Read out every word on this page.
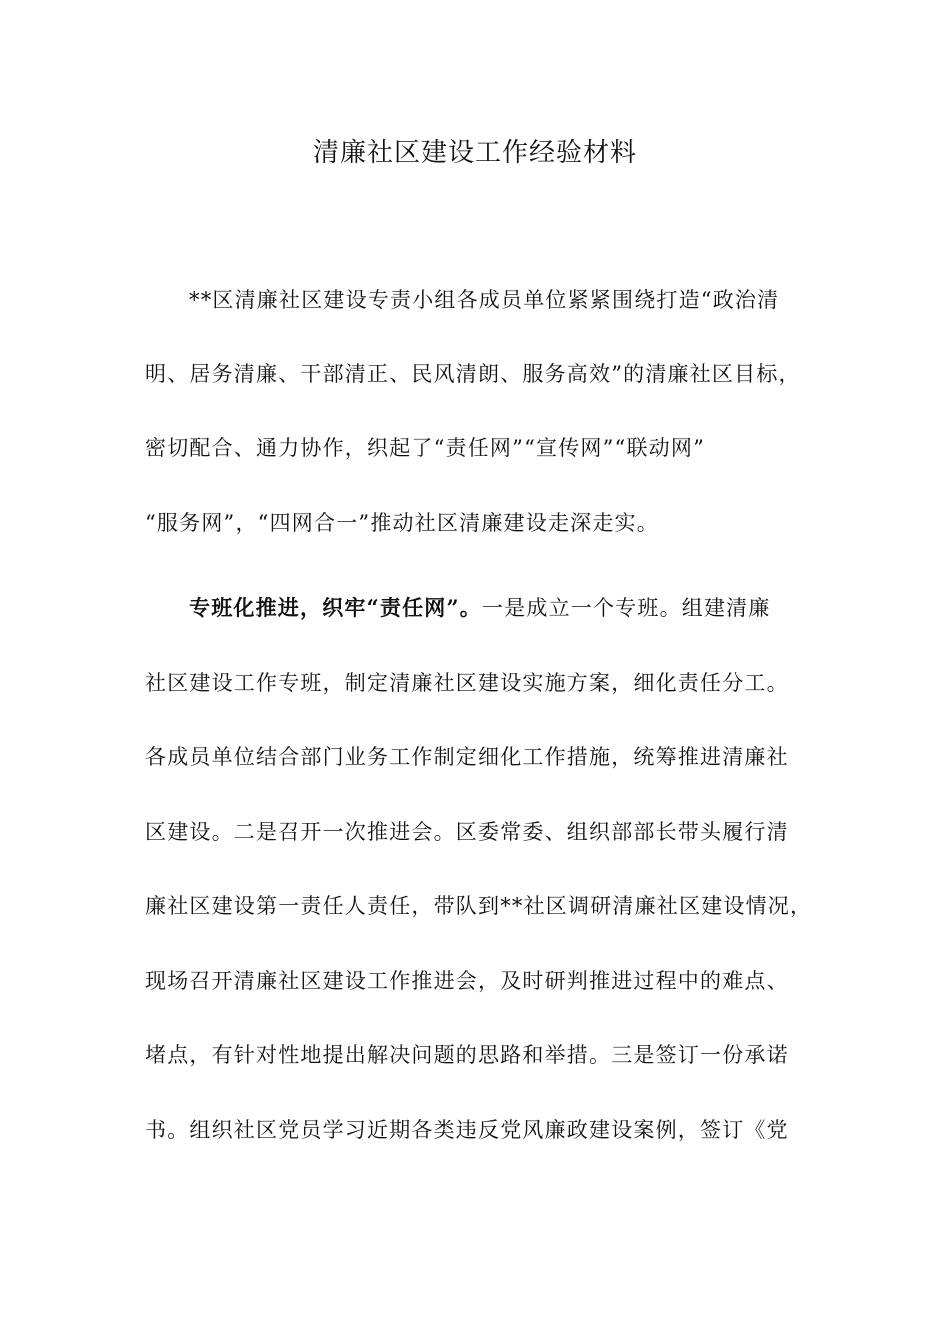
清廉社区建设工作经验材料
**区清廉社区建设专责小组各成员单位紧紧围绕打造“政治清
明、居务清廉、干部清正、民风清朗、服务高效”的清廉社区目标，
密切配合、通力协作，织起了“责任网”“宣传网”“联动网”
“服务网”，“四网合一”推动社区清廉建设走深走实。
专班化推进，织牢“责任网”。一是成立一个专班。组建清廉
社区建设工作专班，制定清廉社区建设实施方案，细化责任分工。
各成员单位结合部门业务工作制定细化工作措施，统筹推进清廉社
区建设。二是召开一次推进会。区委常委、组织部部长带头履行清
廉社区建设第一责任人责任，带队到**社区调研清廉社区建设情况，
现场召开清廉社区建设工作推进会，及时研判推进过程中的难点、
堵点，有针对性地提出解决问题的思路和举措。三是签订一份承诺
书。组织社区党员学习近期各类违反党风廉政建设案例，签订《党
